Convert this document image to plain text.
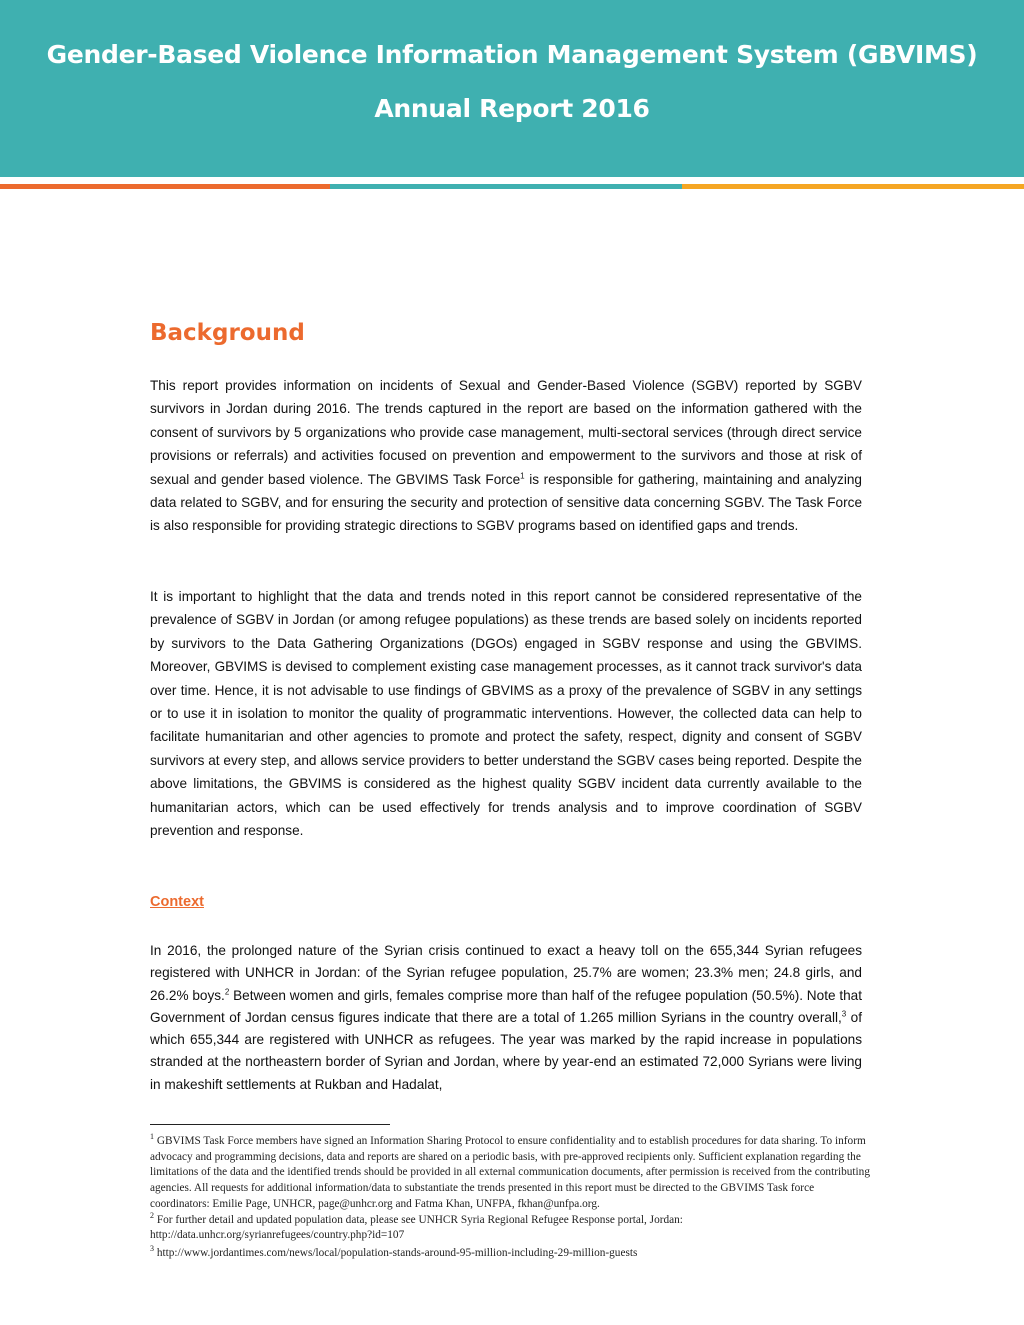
Gender-Based Violence Information Management System (GBVIMS)
Annual Report 2016
Background

This report provides information on incidents of Sexual and Gender-Based Violence (SGBV) reported by SGBV survivors in Jordan during 2016. The trends captured in the report are based on the information gathered with the consent of survivors by 5 organizations who provide case management, multi-sectoral services (through direct service provisions or referrals) and activities focused on prevention and empowerment to the survivors and those at risk of sexual and gender based violence. The GBVIMS Task Force$^1$ is responsible for gathering, maintaining and analyzing data related to SGBV, and for ensuring the security and protection of sensitive data concerning SGBV. The Task Force is also responsible for providing strategic directions to SGBV programs based on identified gaps and trends.

It is important to highlight that the data and trends noted in this report cannot be considered representative of the prevalence of SGBV in Jordan (or among refugee populations) as these trends are based solely on incidents reported by survivors to the Data Gathering Organizations (DGOs) engaged in SGBV response and using the GBVIMS. Moreover, GBVIMS is devised to complement existing case management processes, as it cannot track survivor's data over time. Hence, it is not advisable to use findings of GBVIMS as a proxy of the prevalence of SGBV in any settings or to use it in isolation to monitor the quality of programmatic interventions. However, the collected data can help to facilitate humanitarian and other agencies to promote and protect the safety, respect, dignity and consent of SGBV survivors at every step, and allows service providers to better understand the SGBV cases being reported. Despite the above limitations, the GBVIMS is considered as the highest quality SGBV incident data currently available to the humanitarian actors, which can be used effectively for trends analysis and to improve coordination of SGBV prevention and response.

Context

In 2016, the prolonged nature of the Syrian crisis continued to exact a heavy toll on the 655,344 Syrian refugees registered with UNHCR in Jordan: of the Syrian refugee population, 25.7% are women; 23.3% men; 24.8 girls, and 26.2% boys.$^2$ Between women and girls, females comprise more than half of the refugee population (50.5%). Note that Government of Jordan census figures indicate that there are a total of 1.265 million Syrians in the country overall,$^3$ of which 655,344 are registered with UNHCR as refugees. The year was marked by the rapid increase in populations stranded at the northeastern border of Syrian and Jordan, where by year-end an estimated 72,000 Syrians were living in makeshift settlements at Rukban and Hadalat,

$^1$ GBVIMS Task Force members have signed an Information Sharing Protocol to ensure confidentiality and to establish procedures for data sharing. To inform advocacy and programming decisions, data and reports are shared on a periodic basis, with pre-approved recipients only. Sufficient explanation regarding the limitations of the data and the identified trends should be provided in all external communication documents, after permission is received from the contributing agencies. All requests for additional information/data to substantiate the trends presented in this report must be directed to the GBVIMS Task force coordinators: Emilie Page, UNHCR, page@unhcr.org and Fatma Khan, UNFPA, fkhan@unfpa.org.

$^2$ For further detail and updated population data, please see UNHCR Syria Regional Refugee Response portal, Jordan: http://data.unhcr.org/syrianrefugees/country.php?id=107

$^3$ http://www.jordantimes.com/news/local/population-stands-around-95-million-including-29-million-guests
